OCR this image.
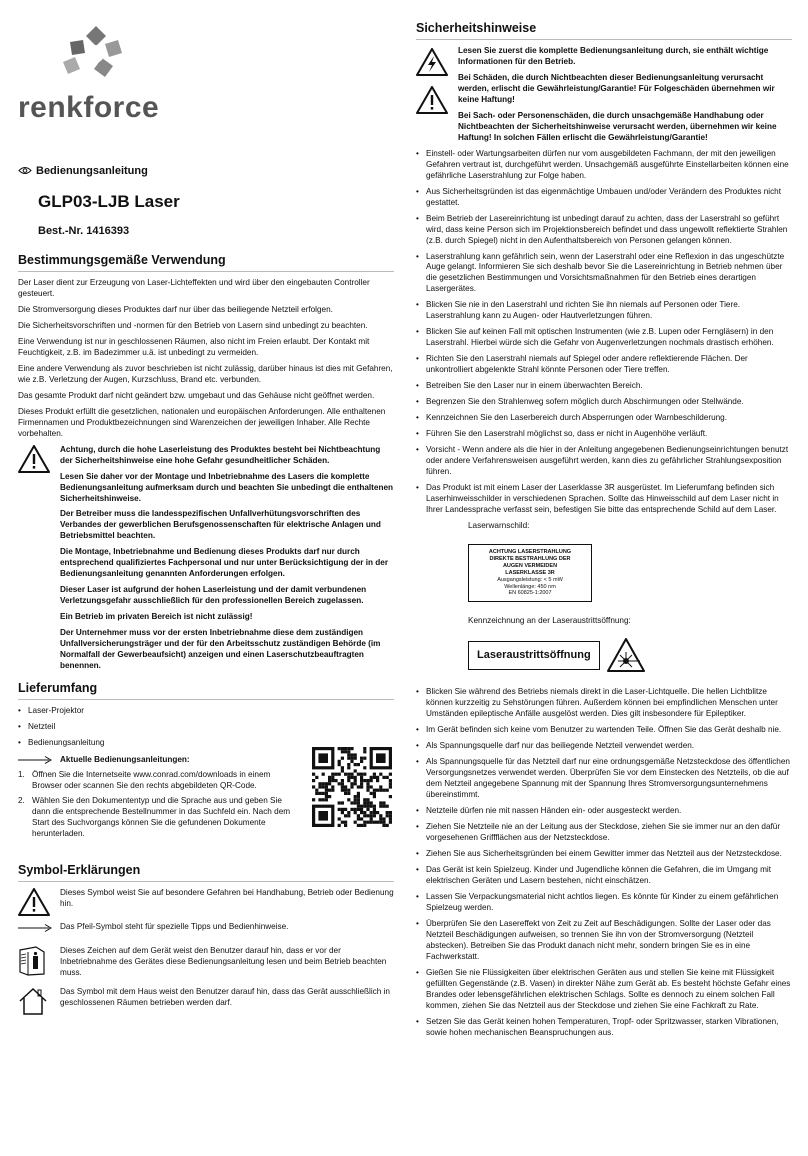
renkforce
Bedienungsanleitung
GLP03-LJB Laser
Best.-Nr. 1416393
Bestimmungsgemäße Verwendung

Der Laser dient zur Erzeugung von Laser-Lichteffekten und wird über den eingebauten Controller gesteuert.

Die Stromversorgung dieses Produktes darf nur über das beiliegende Netzteil erfolgen.

Die Sicherheitsvorschriften und -normen für den Betrieb von Lasern sind unbedingt zu beachten.

Eine Verwendung ist nur in geschlossenen Räumen, also nicht im Freien erlaubt. Der Kontakt mit Feuchtigkeit, z.B. im Badezimmer u.ä. ist unbedingt zu vermeiden.

Eine andere Verwendung als zuvor beschrieben ist nicht zulässig, darüber hinaus ist dies mit Gefahren, wie z.B. Verletzung der Augen, Kurzschluss, Brand etc. verbunden.

Das gesamte Produkt darf nicht geändert bzw. umgebaut und das Gehäuse nicht geöffnet werden.

Dieses Produkt erfüllt die gesetzlichen, nationalen und europäischen Anforderungen. Alle enthaltenen Firmennamen und Produktbezeichnungen sind Warenzeichen der jeweiligen Inhaber. Alle Rechte vorbehalten.

Achtung, durch die hohe Laserleistung des Produktes besteht bei Nichtbeachtung der Sicherheitshinweise eine hohe Gefahr gesundheitlicher Schäden.

Lesen Sie daher vor der Montage und Inbetriebnahme des Lasers die komplette Bedienungsanleitung aufmerksam durch und beachten Sie unbedingt die enthaltenen Sicherheitshinweise.

Der Betreiber muss die landesspezifischen Unfallverhütungsvorschriften des Verbandes der gewerblichen Berufsgenossenschaften für elektrische Anlagen und Betriebsmittel beachten.

Die Montage, Inbetriebnahme und Bedienung dieses Produkts darf nur durch entsprechend qualifiziertes Fachpersonal und nur unter Berücksichtigung der in der Bedienungsanleitung genannten Anforderungen erfolgen.

Dieser Laser ist aufgrund der hohen Laserleistung und der damit verbundenen Verletzungsgefahr ausschließlich für den professionellen Bereich zugelassen.

Ein Betrieb im privaten Bereich ist nicht zulässig!

Der Unternehmer muss vor der ersten Inbetriebnahme diese dem zuständigen Unfallversicherungsträger und der für den Arbeitsschutz zuständigen Behörde (im Normalfall der Gewerbeaufsicht) anzeigen und einen Laserschutzbeauftragten benennen.

Lieferumfang
• Laser-Projektor
• Netzteil
• Bedienungsanleitung
Aktuelle Bedienungsanleitungen:
1. Öffnen Sie die Internetseite www.conrad.com/downloads in einem Browser oder scannen Sie den rechts abgebildeten QR-Code.
2. Wählen Sie den Dokumententyp und die Sprache aus und geben Sie dann die entsprechende Bestellnummer in das Suchfeld ein. Nach dem Start des Suchvorgangs können Sie die gefundenen Dokumente herunterladen.
Symbol-Erklärungen
Dieses Symbol weist Sie auf besondere Gefahren bei Handhabung, Betrieb oder Bedienung hin.
Das Pfeil-Symbol steht für spezielle Tipps und Bedienhinweise.
Dieses Zeichen auf dem Gerät weist den Benutzer darauf hin, dass er vor der Inbetriebnahme des Gerätes diese Bedienungsanleitung lesen und beim Betrieb beachten muss.
Das Symbol mit dem Haus weist den Benutzer darauf hin, dass das Gerät ausschließlich in geschlossenen Räumen betrieben werden darf.
Sicherheitshinweise

Lesen Sie zuerst die komplette Bedienungsanleitung durch, sie enthält wichtige Informationen für den Betrieb.

Bei Schäden, die durch Nichtbeachten dieser Bedienungsanleitung verursacht werden, erlischt die Gewährleistung/Garantie! Für Folgeschäden übernehmen wir keine Haftung!

Bei Sach- oder Personenschäden, die durch unsachgemäße Handhabung oder Nichtbeachten der Sicherheitshinweise verursacht werden, übernehmen wir keine Haftung! In solchen Fällen erlischt die Gewährleistung/Garantie!

• Einstell- oder Wartungsarbeiten dürfen nur vom ausgebildeten Fachmann, der mit den jeweiligen Gefahren vertraut ist, durchgeführt werden. Unsachgemäß ausgeführte Einstellarbeiten können eine gefährliche Laserstrahlung zur Folge haben.
• Aus Sicherheitsgründen ist das eigenmächtige Umbauen und/oder Verändern des Produktes nicht gestattet.
• Beim Betrieb der Lasereinrichtung ist unbedingt darauf zu achten, dass der Laserstrahl so geführt wird, dass keine Person sich im Projektionsbereich befindet und dass ungewollt reflektierte Strahlen (z.B. durch Spiegel) nicht in den Aufenthaltsbereich von Personen gelangen können.
• Laserstrahlung kann gefährlich sein, wenn der Laserstrahl oder eine Reflexion in das ungeschützte Auge gelangt. Informieren Sie sich deshalb bevor Sie die Lasereinrichtung in Betrieb nehmen über die gesetzlichen Bestimmungen und Vorsichtsmaßnahmen für den Betrieb eines derartigen Lasergerätes.
• Blicken Sie nie in den Laserstrahl und richten Sie ihn niemals auf Personen oder Tiere. Laserstrahlung kann zu Augen- oder Hautverletzungen führen.
• Blicken Sie auf keinen Fall mit optischen Instrumenten (wie z.B. Lupen oder Ferngläsern) in den Laserstrahl. Hierbei würde sich die Gefahr von Augenverletzungen nochmals drastisch erhöhen.
• Richten Sie den Laserstrahl niemals auf Spiegel oder andere reflektierende Flächen. Der unkontrolliert abgelenkte Strahl könnte Personen oder Tiere treffen.
• Betreiben Sie den Laser nur in einem überwachten Bereich.
• Begrenzen Sie den Strahlenweg sofern möglich durch Abschirmungen oder Stellwände.
• Kennzeichnen Sie den Laserbereich durch Absperrungen oder Warnbeschilderung.
• Führen Sie den Laserstrahl möglichst so, dass er nicht in Augenhöhe verläuft.
• Vorsicht - Wenn andere als die hier in der Anleitung angegebenen Bedienungseinrichtungen benutzt oder andere Verfahrensweisen ausgeführt werden, kann dies zu gefährlicher Strahlungsexposition führen.
• Das Produkt ist mit einem Laser der Laserklasse 3R ausgerüstet. Im Lieferumfang befinden sich Laserhinweisschilder in verschiedenen Sprachen. Sollte das Hinweisschild auf dem Laser nicht in Ihrer Landessprache verfasst sein, befestigen Sie bitte das entsprechende Schild auf dem Laser.
Laserwarnschild:
ACHTUNG LASERSTRAHLUNG
DIREKTE BESTRAHLUNG DER
AUGEN VERMEIDEN
LASERKLASSE 3R
Ausgangsleistung: < 5 mW
Wellenlänge: 450 nm
EN 60825-1:2007
Kennzeichnung an der Laseraustrittsöffnung:
Laseraustrittsöffnung
• Blicken Sie während des Betriebs niemals direkt in die Laser-Lichtquelle. Die hellen Lichtblitze können kurzzeitig zu Sehstörungen führen. Außerdem können bei empfindlichen Menschen unter Umständen epileptische Anfälle ausgelöst werden. Dies gilt insbesondere für Epileptiker.
• Im Gerät befinden sich keine vom Benutzer zu wartenden Teile. Öffnen Sie das Gerät deshalb nie.
• Als Spannungsquelle darf nur das beiliegende Netzteil verwendet werden.
• Als Spannungsquelle für das Netzteil darf nur eine ordnungsgemäße Netzsteckdose des öffentlichen Versorgungsnetzes verwendet werden. Überprüfen Sie vor dem Einstecken des Netzteils, ob die auf dem Netzteil angegebene Spannung mit der Spannung Ihres Stromversorgungsunternehmens übereinstimmt.
• Netzteile dürfen nie mit nassen Händen ein- oder ausgesteckt werden.
• Ziehen Sie Netzteile nie an der Leitung aus der Steckdose, ziehen Sie sie immer nur an den dafür vorgesehenen Griffflächen aus der Netzsteckdose.
• Ziehen Sie aus Sicherheitsgründen bei einem Gewitter immer das Netzteil aus der Netzsteckdose.
• Das Gerät ist kein Spielzeug. Kinder und Jugendliche können die Gefahren, die im Umgang mit elektrischen Geräten und Lasern bestehen, nicht einschätzen.
• Lassen Sie Verpackungsmaterial nicht achtlos liegen. Es könnte für Kinder zu einem gefährlichen Spielzeug werden.
• Überprüfen Sie den Lasereffekt von Zeit zu Zeit auf Beschädigungen. Sollte der Laser oder das Netzteil Beschädigungen aufweisen, so trennen Sie ihn von der Stromversorgung (Netzteil abstecken). Betreiben Sie das Produkt danach nicht mehr, sondern bringen Sie es in eine Fachwerkstatt.
• Gießen Sie nie Flüssigkeiten über elektrischen Geräten aus und stellen Sie keine mit Flüssigkeit gefüllten Gegenstände (z.B. Vasen) in direkter Nähe zum Gerät ab. Es besteht höchste Gefahr eines Brandes oder lebensgefährlichen elektrischen Schlags. Sollte es dennoch zu einem solchen Fall kommen, ziehen Sie das Netzteil aus der Steckdose und ziehen Sie eine Fachkraft zu Rate.
• Setzen Sie das Gerät keinen hohen Temperaturen, Tropf- oder Spritzwasser, starken Vibrationen, sowie hohen mechanischen Beanspruchungen aus.
